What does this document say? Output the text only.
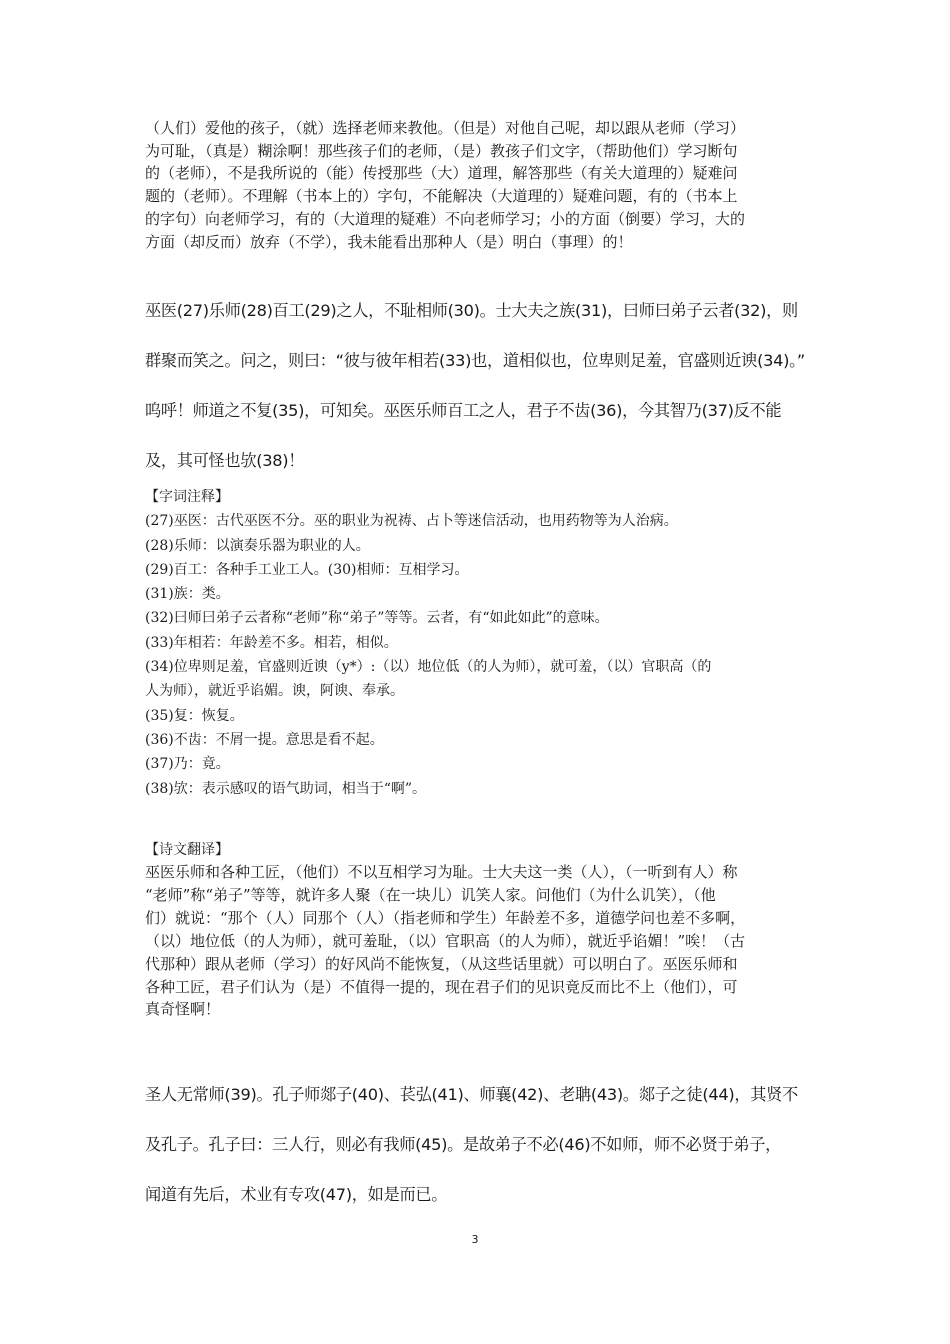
（人们）爱他的孩子，（就）选择老师来教他。（但是）对他自己呢，却以跟从老师（学习）

为可耻，（真是）糊涂啊！那些孩子们的老师，（是）教孩子们文字，（帮助他们）学习断句

的（老师），不是我所说的（能）传授那些（大）道理，解答那些（有关大道理的）疑难问

题的（老师）。不理解（书本上的）字句，不能解决（大道理的）疑难问题，有的（书本上

的字句）向老师学习，有的（大道理的疑难）不向老师学习；小的方面（倒要）学习，大的

方面（却反而）放弃（不学），我未能看出那种人（是）明白（事理）的！

巫医(27)乐师(28)百工(29)之人，不耻相师(30)。士大夫之族(31)，曰师曰弟子云者(32)，则

群聚而笑之。问之，则曰：“彼与彼年相若(33)也，道相似也，位卑则足羞，官盛则近谀(34)。”

呜呼！师道之不复(35)，可知矣。巫医乐师百工之人，君子不齿(36)，今其智乃(37)反不能

及，其可怪也欤(38)！

【字词注释】

(27)巫医：古代巫医不分。巫的职业为祝祷、占卜等迷信活动，也用药物等为人治病。

(28)乐师：以演奏乐器为职业的人。

(29)百工：各种手工业工人。(30)相师：互相学习。

(31)族：类。

(32)曰师曰弟子云者称“老师”称“弟子”等等。云者，有“如此如此”的意味。

(33)年相若：年龄差不多。相若，相似。

(34)位卑则足羞，官盛则近谀（y*）:（以）地位低（的人为师），就可羞，（以）官职高（的

人为师），就近乎谄媚。谀，阿谀、奉承。

(35)复：恢复。

(36)不齿：不屑一提。意思是看不起。

(37)乃：竟。

(38)欤：表示感叹的语气助词，相当于“啊”。

【诗文翻译】

巫医乐师和各种工匠，（他们）不以互相学习为耻。士大夫这一类（人），（一听到有人）称

“老师”称“弟子”等等，就许多人聚（在一块儿）讥笑人家。问他们（为什么讥笑），（他

们）就说：“那个（人）同那个（人）（指老师和学生）年龄差不多，道德学问也差不多啊，

（以）地位低（的人为师），就可羞耻，（以）官职高（的人为师），就近乎谄媚！”唉！（古

代那种）跟从老师（学习）的好风尚不能恢复，（从这些话里就）可以明白了。巫医乐师和

各种工匠，君子们认为（是）不值得一提的，现在君子们的见识竟反而比不上（他们），可

真奇怪啊！

圣人无常师(39)。孔子师郯子(40)、苌弘(41)、师襄(42)、老聃(43)。郯子之徒(44)，其贤不

及孔子。孔子曰：三人行，则必有我师(45)。是故弟子不必(46)不如师，师不必贤于弟子，

闻道有先后，术业有专攻(47)，如是而已。

3
